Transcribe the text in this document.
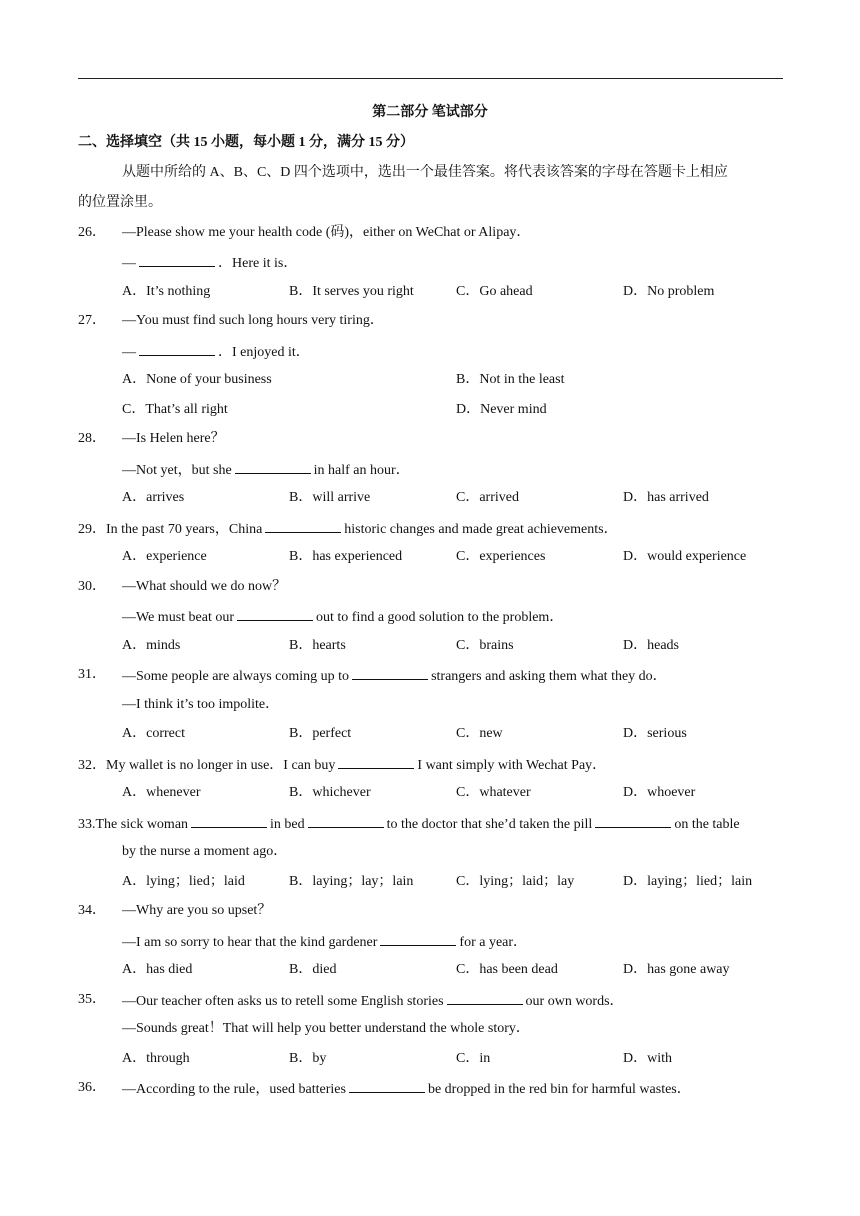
第二部分 笔试部分
二、选择填空（共 15 小题，每小题 1 分，满分 15 分）
从题中所给的 A、B、C、D 四个选项中，选出一个最佳答案。将代表该答案的字母在答题卡上相应
的位置涂里。
26． —Please show me your health code (码)，either on WeChat or Alipay．
—	．Here it is．
A．It’s nothing	B．It serves you right	C．Go ahead	D．No problem
27． —You must find such long hours very tiring．
—	．I enjoyed it．
A．None of your business	B．Not in the least
C．That’s all right	D．Never mind
28． —Is Helen here？
—Not yet，but she	in half an hour．
A．arrives	B．will arrive	C．arrived	D．has arrived
29．In the past 70 years，China	historic changes and made great achievements．
A．experience	B．has experienced	C．experiences	D．would experience
30． —What should we do now？
—We must beat our	out to find a good solution to the problem．
A．minds	B．hearts	C．brains	D．heads
31． —Some people are always coming up to	strangers and asking them what they do．
—I think it’s too impolite．
A．correct	B．perfect	C．new	D．serious
32．My wallet is no longer in use．I can buy	I want simply with Wechat Pay．
A．whenever	B．whichever	C．whatever	D．whoever
33.The sick woman	in bed	to the doctor that she’d taken the pill	on the table
by the nurse a moment ago．
A．lying；lied；laid	B．laying；lay；lain	C．lying；laid；lay	D．laying；lied；lain
34． —Why are you so upset？
—I am so sorry to hear that the kind gardener	for a year．
A．has died	B．died	C．has been dead	D．has gone away
35． —Our teacher often asks us to retell some English stories	our own words．
—Sounds great！That will help you better understand the whole story．
A．through	B．by	C．in	D．with
36． —According to the rule，used batteries	be dropped in the red bin for harmful wastes．
